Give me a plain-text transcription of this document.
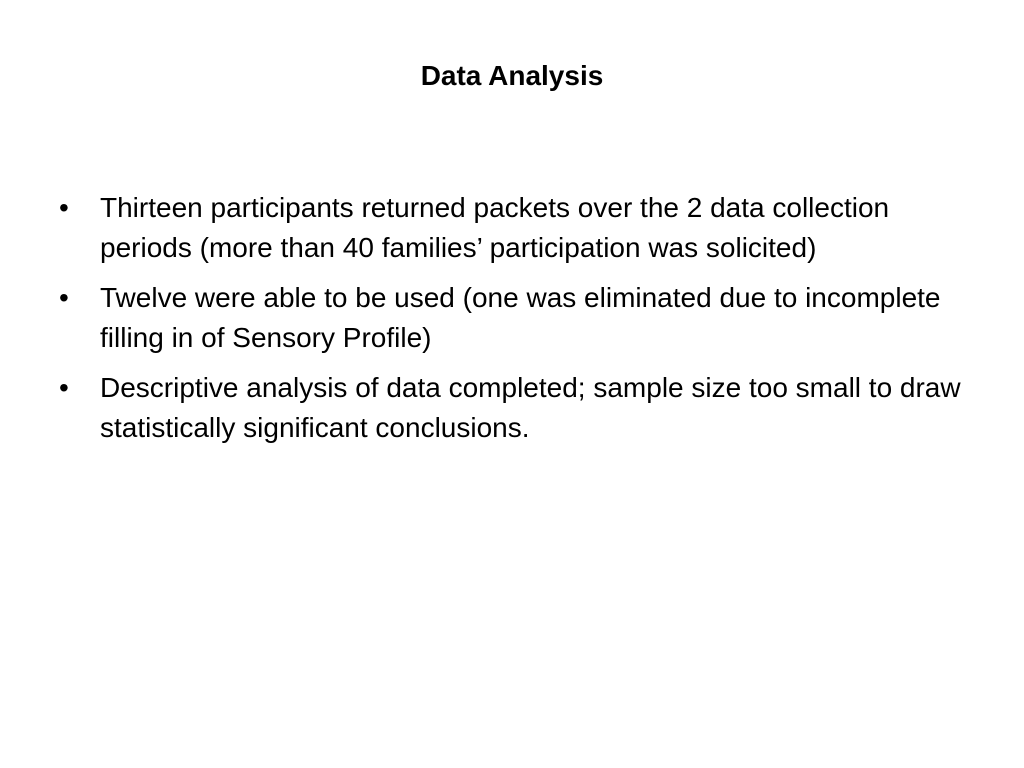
Data Analysis
•	Thirteen participants returned packets over the 2 data collection periods (more than 40 families’ participation was solicited)
•	Twelve were able to be used (one was eliminated due to incomplete filling in of Sensory Profile)
•	Descriptive analysis of data completed; sample size too small to draw statistically significant conclusions.
